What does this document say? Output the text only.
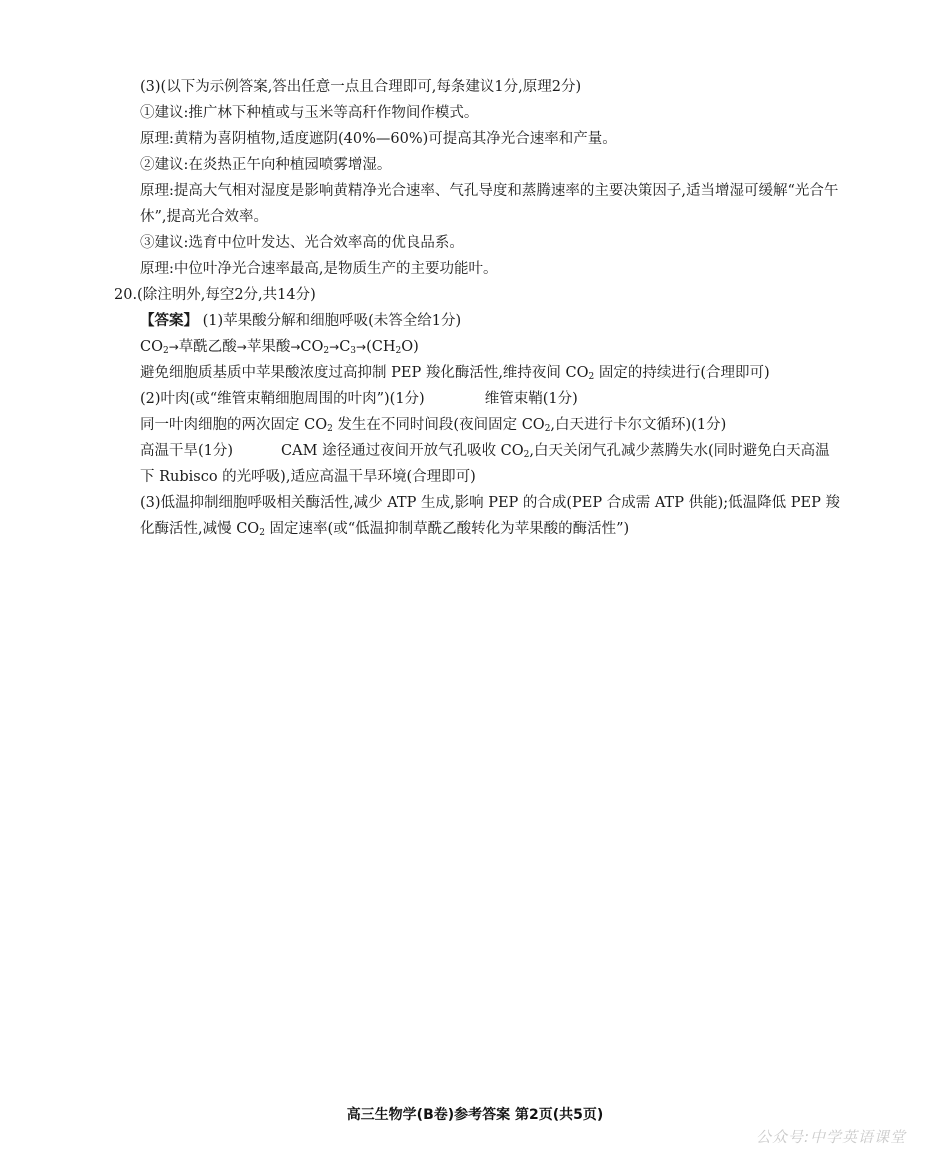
(3)(以下为示例答案,答出任意一点且合理即可,每条建议1分,原理2分)
①建议:推广林下种植或与玉米等高秆作物间作模式。
原理:黄精为喜阴植物,适度遮阴(40%—60%)可提高其净光合速率和产量。
②建议:在炎热正午向种植园喷雾增湿。
原理:提高大气相对湿度是影响黄精净光合速率、气孔导度和蒸腾速率的主要决策因子,适当增湿可缓解“光合午休”,提高光合效率。
③建议:选育中位叶发达、光合效率高的优良品系。
原理:中位叶净光合速率最高,是物质生产的主要功能叶。
20.(除注明外,每空2分,共14分)
【答案】 (1)苹果酸分解和细胞呼吸(未答全给1分)
$CO_2\to$草酰乙酸→苹果酸$\to CO_2\to C_3\to(CH_2O)$
避免细胞质基质中苹果酸浓度过高抑制 PEP 羧化酶活性,维持夜间 $CO_2$ 固定的持续进行(合理即可)
(2)叶肉(或“维管束鞘细胞周围的叶肉”)(1分)	维管束鞘(1分)
同一叶肉细胞的两次固定 $CO_2$ 发生在不同时间段(夜间固定 $CO_2$,白天进行卡尔文循环)(1分)
高温干旱(1分)	CAM 途径通过夜间开放气孔吸收 $CO_2$,白天关闭气孔减少蒸腾失水(同时避免白天高温下 Rubisco 的光呼吸),适应高温干旱环境(合理即可)
(3)低温抑制细胞呼吸相关酶活性,减少 ATP 生成,影响 PEP 的合成(PEP 合成需 ATP 供能);低温降低 PEP 羧化酶活性,减慢 $CO_2$ 固定速率(或“低温抑制草酰乙酸转化为苹果酸的酶活性”)
高三生物学(B卷)参考答案 第2页(共5页)
公众号:中学英语课堂
